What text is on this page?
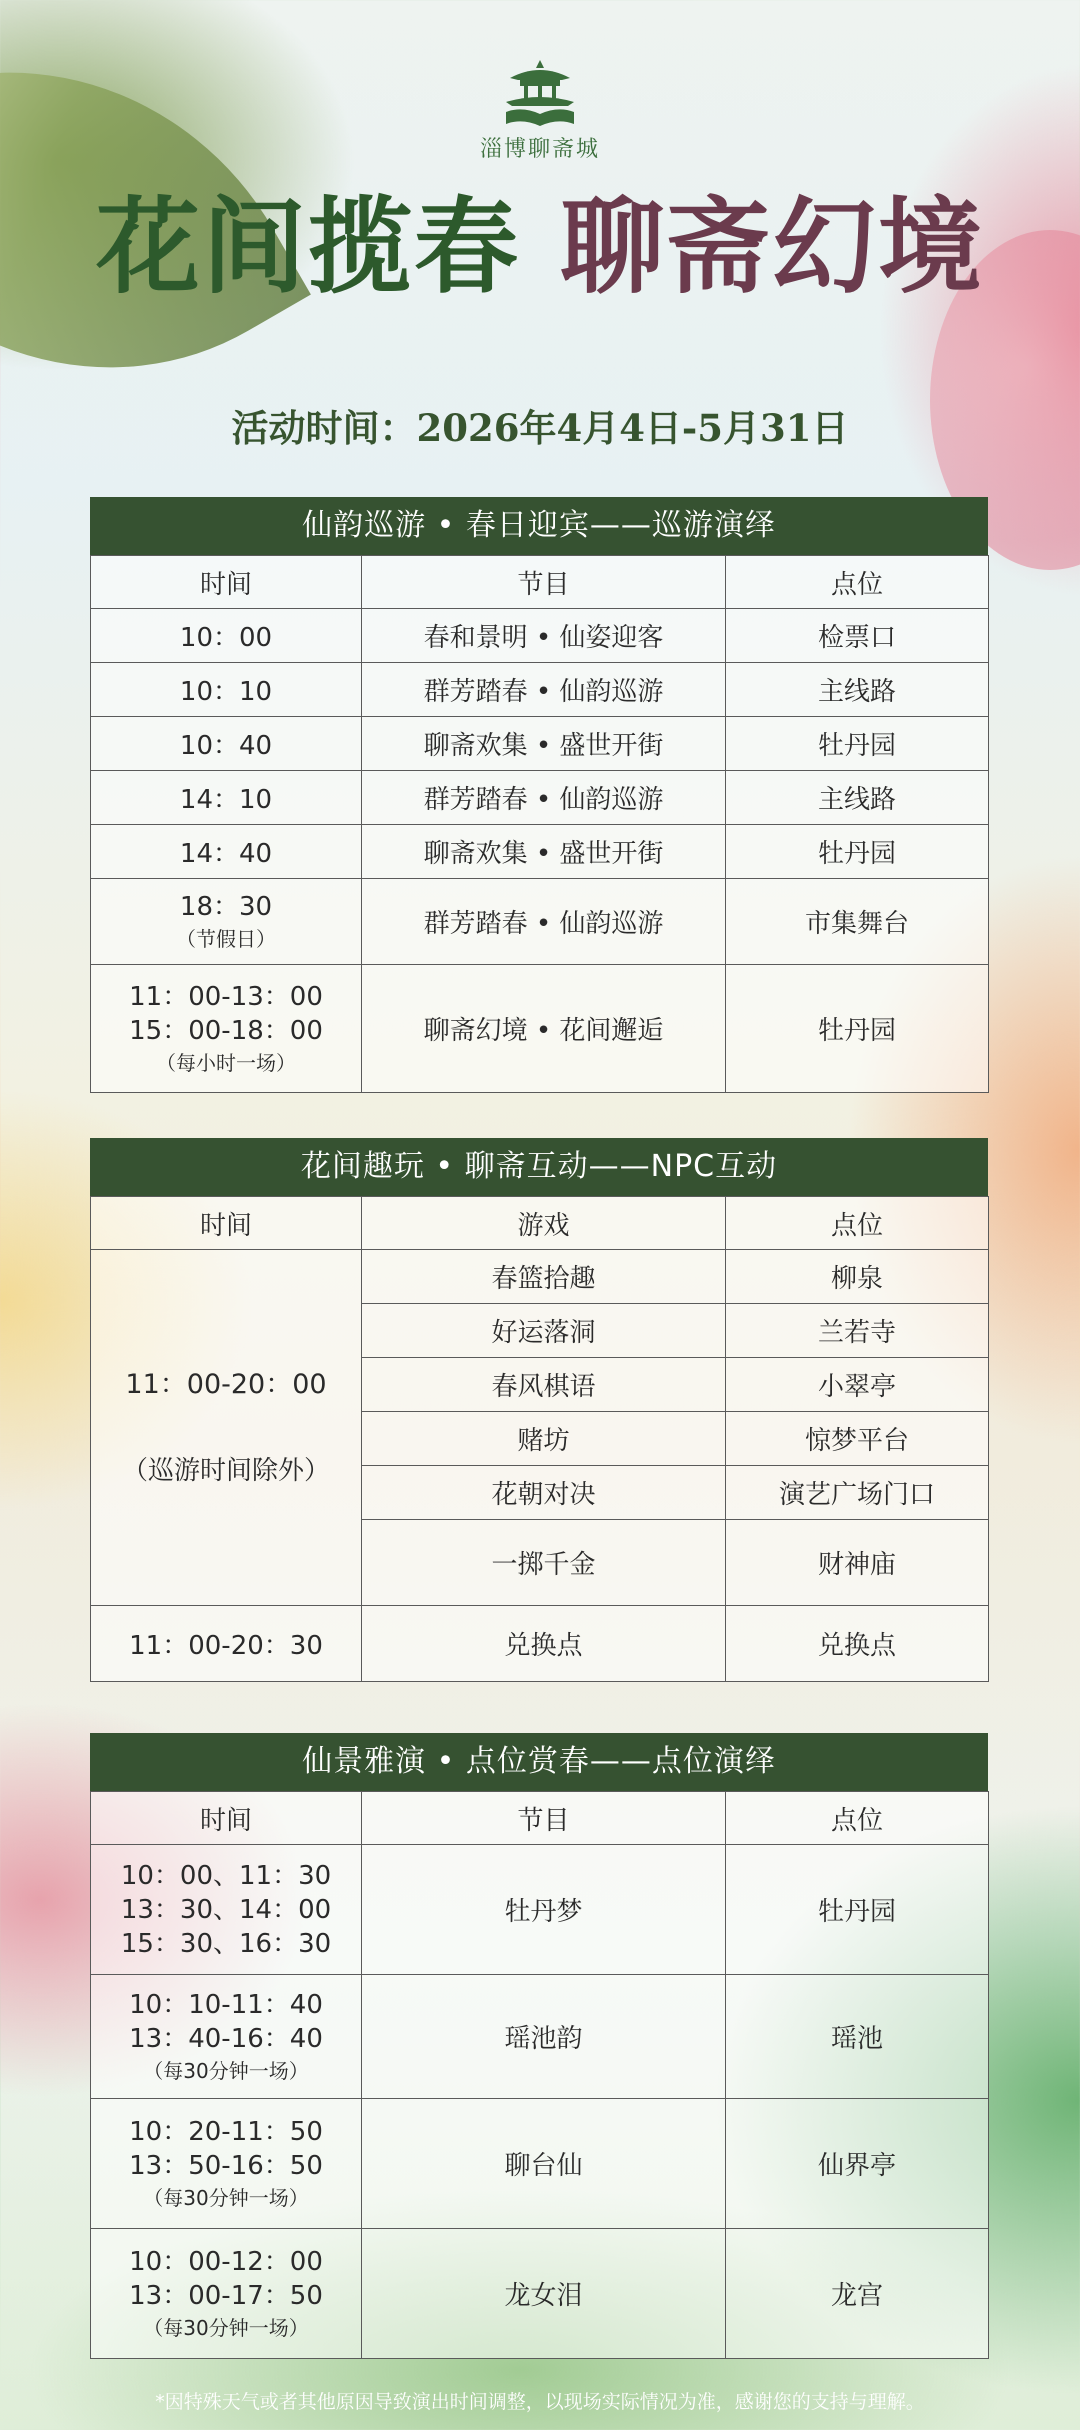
淄博聊斋城
花间揽春 聊斋幻境
活动时间：2026年4月4日-5月31日
仙韵巡游 • 春日迎宾——巡游演绎
时间	节目	点位
10：00	春和景明 • 仙姿迎客	检票口
10：10	群芳踏春 • 仙韵巡游	主线路
10：40	聊斋欢集 • 盛世开街	牡丹园
14：10	群芳踏春 • 仙韵巡游	主线路
14：40	聊斋欢集 • 盛世开街	牡丹园

18：30
（节假日）	群芳踏春 • 仙韵巡游	市集舞台

11：00-13：00
15：00-18：00
（每小时一场）	聊斋幻境 • 花间邂逅	牡丹园
花间趣玩 • 聊斋互动——NPC互动
时间	游戏	点位

11：00-20：00
（巡游时间除外）	春篮拾趣	柳泉
	好运落洞	兰若寺
	春风棋语	小翠亭
	赌坊	惊梦平台
	花朝对决	演艺广场门口
	一掷千金	财神庙
11：00-20：30	兑换点	兑换点
仙景雅演 • 点位赏春——点位演绎
时间	节目	点位

10：00、11：30
13：30、14：00
15：30、16：30	牡丹梦	牡丹园

10：10-11：40
13：40-16：40
（每30分钟一场）	瑶池韵	瑶池

10：20-11：50
13：50-16：50
（每30分钟一场）	聊台仙	仙界亭

10：00-12：00
13：00-17：50
（每30分钟一场）	龙女泪	龙宫
*因特殊天气或者其他原因导致演出时间调整，以现场实际情况为准，感谢您的支持与理解。
